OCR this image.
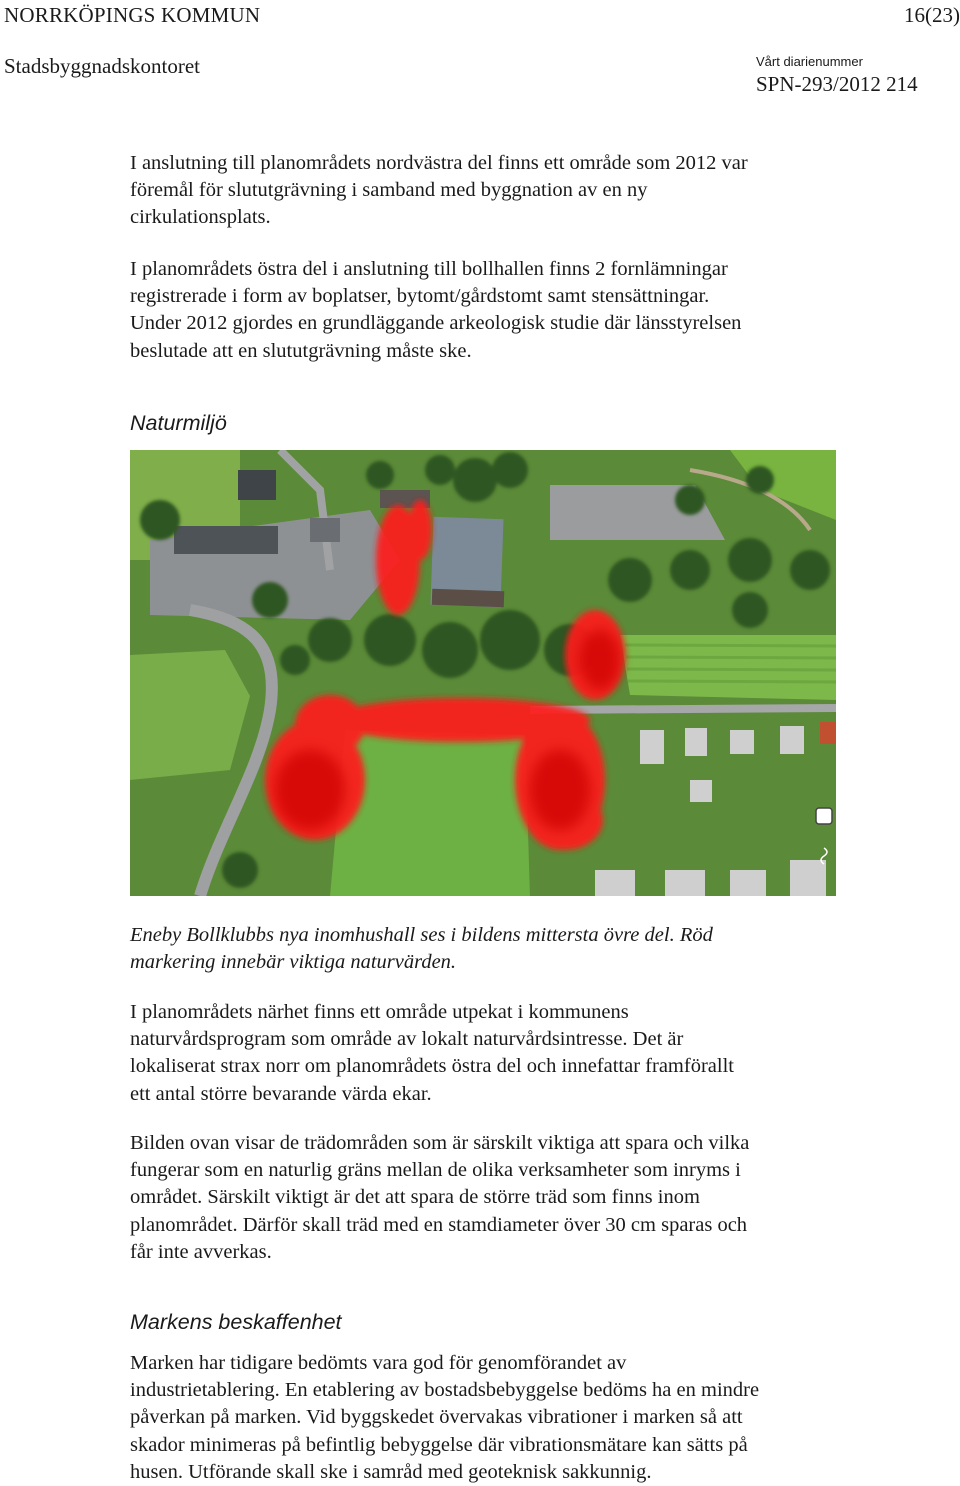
NORRKÖPINGS KOMMUN	16(23)
Stadsbyggnadskontoret	Vårt diarienummer
SPN-293/2012 214

I anslutning till planområdets nordvästra del finns ett område som 2012 var
föremål för slututgrävning i samband med byggnation av en ny
cirkulationsplats.

I planområdets östra del i anslutning till bollhallen finns 2 fornlämningar
registrerade i form av boplatser, bytomt/gårdstomt samt stensättningar.
Under 2012 gjordes en grundläggande arkeologisk studie där länsstyrelsen
beslutade att en slututgrävning måste ske.

Naturmiljö

Eneby Bollklubbs nya inomhushall ses i bildens mittersta övre del. Röd
markering innebär viktiga naturvärden.

I planområdets närhet finns ett område utpekat i kommunens
naturvårdsprogram som område av lokalt naturvårdsintresse. Det är
lokaliserat strax norr om planområdets östra del och innefattar framförallt
ett antal större bevarande värda ekar.

Bilden ovan visar de trädområden som är särskilt viktiga att spara och vilka
fungerar som en naturlig gräns mellan de olika verksamheter som inryms i
området. Särskilt viktigt är det att spara de större träd som finns inom
planområdet. Därför skall träd med en stamdiameter över 30 cm sparas och
får inte avverkas.

Markens beskaffenhet

Marken har tidigare bedömts vara god för genomförandet av
industrietablering. En etablering av bostadsbebyggelse bedöms ha en mindre
påverkan på marken. Vid byggskedet övervakas vibrationer i marken så att
skador minimeras på befintlig bebyggelse där vibrationsmätare kan sätts på
husen. Utförande skall ske i samråd med geoteknisk sakkunnig.
